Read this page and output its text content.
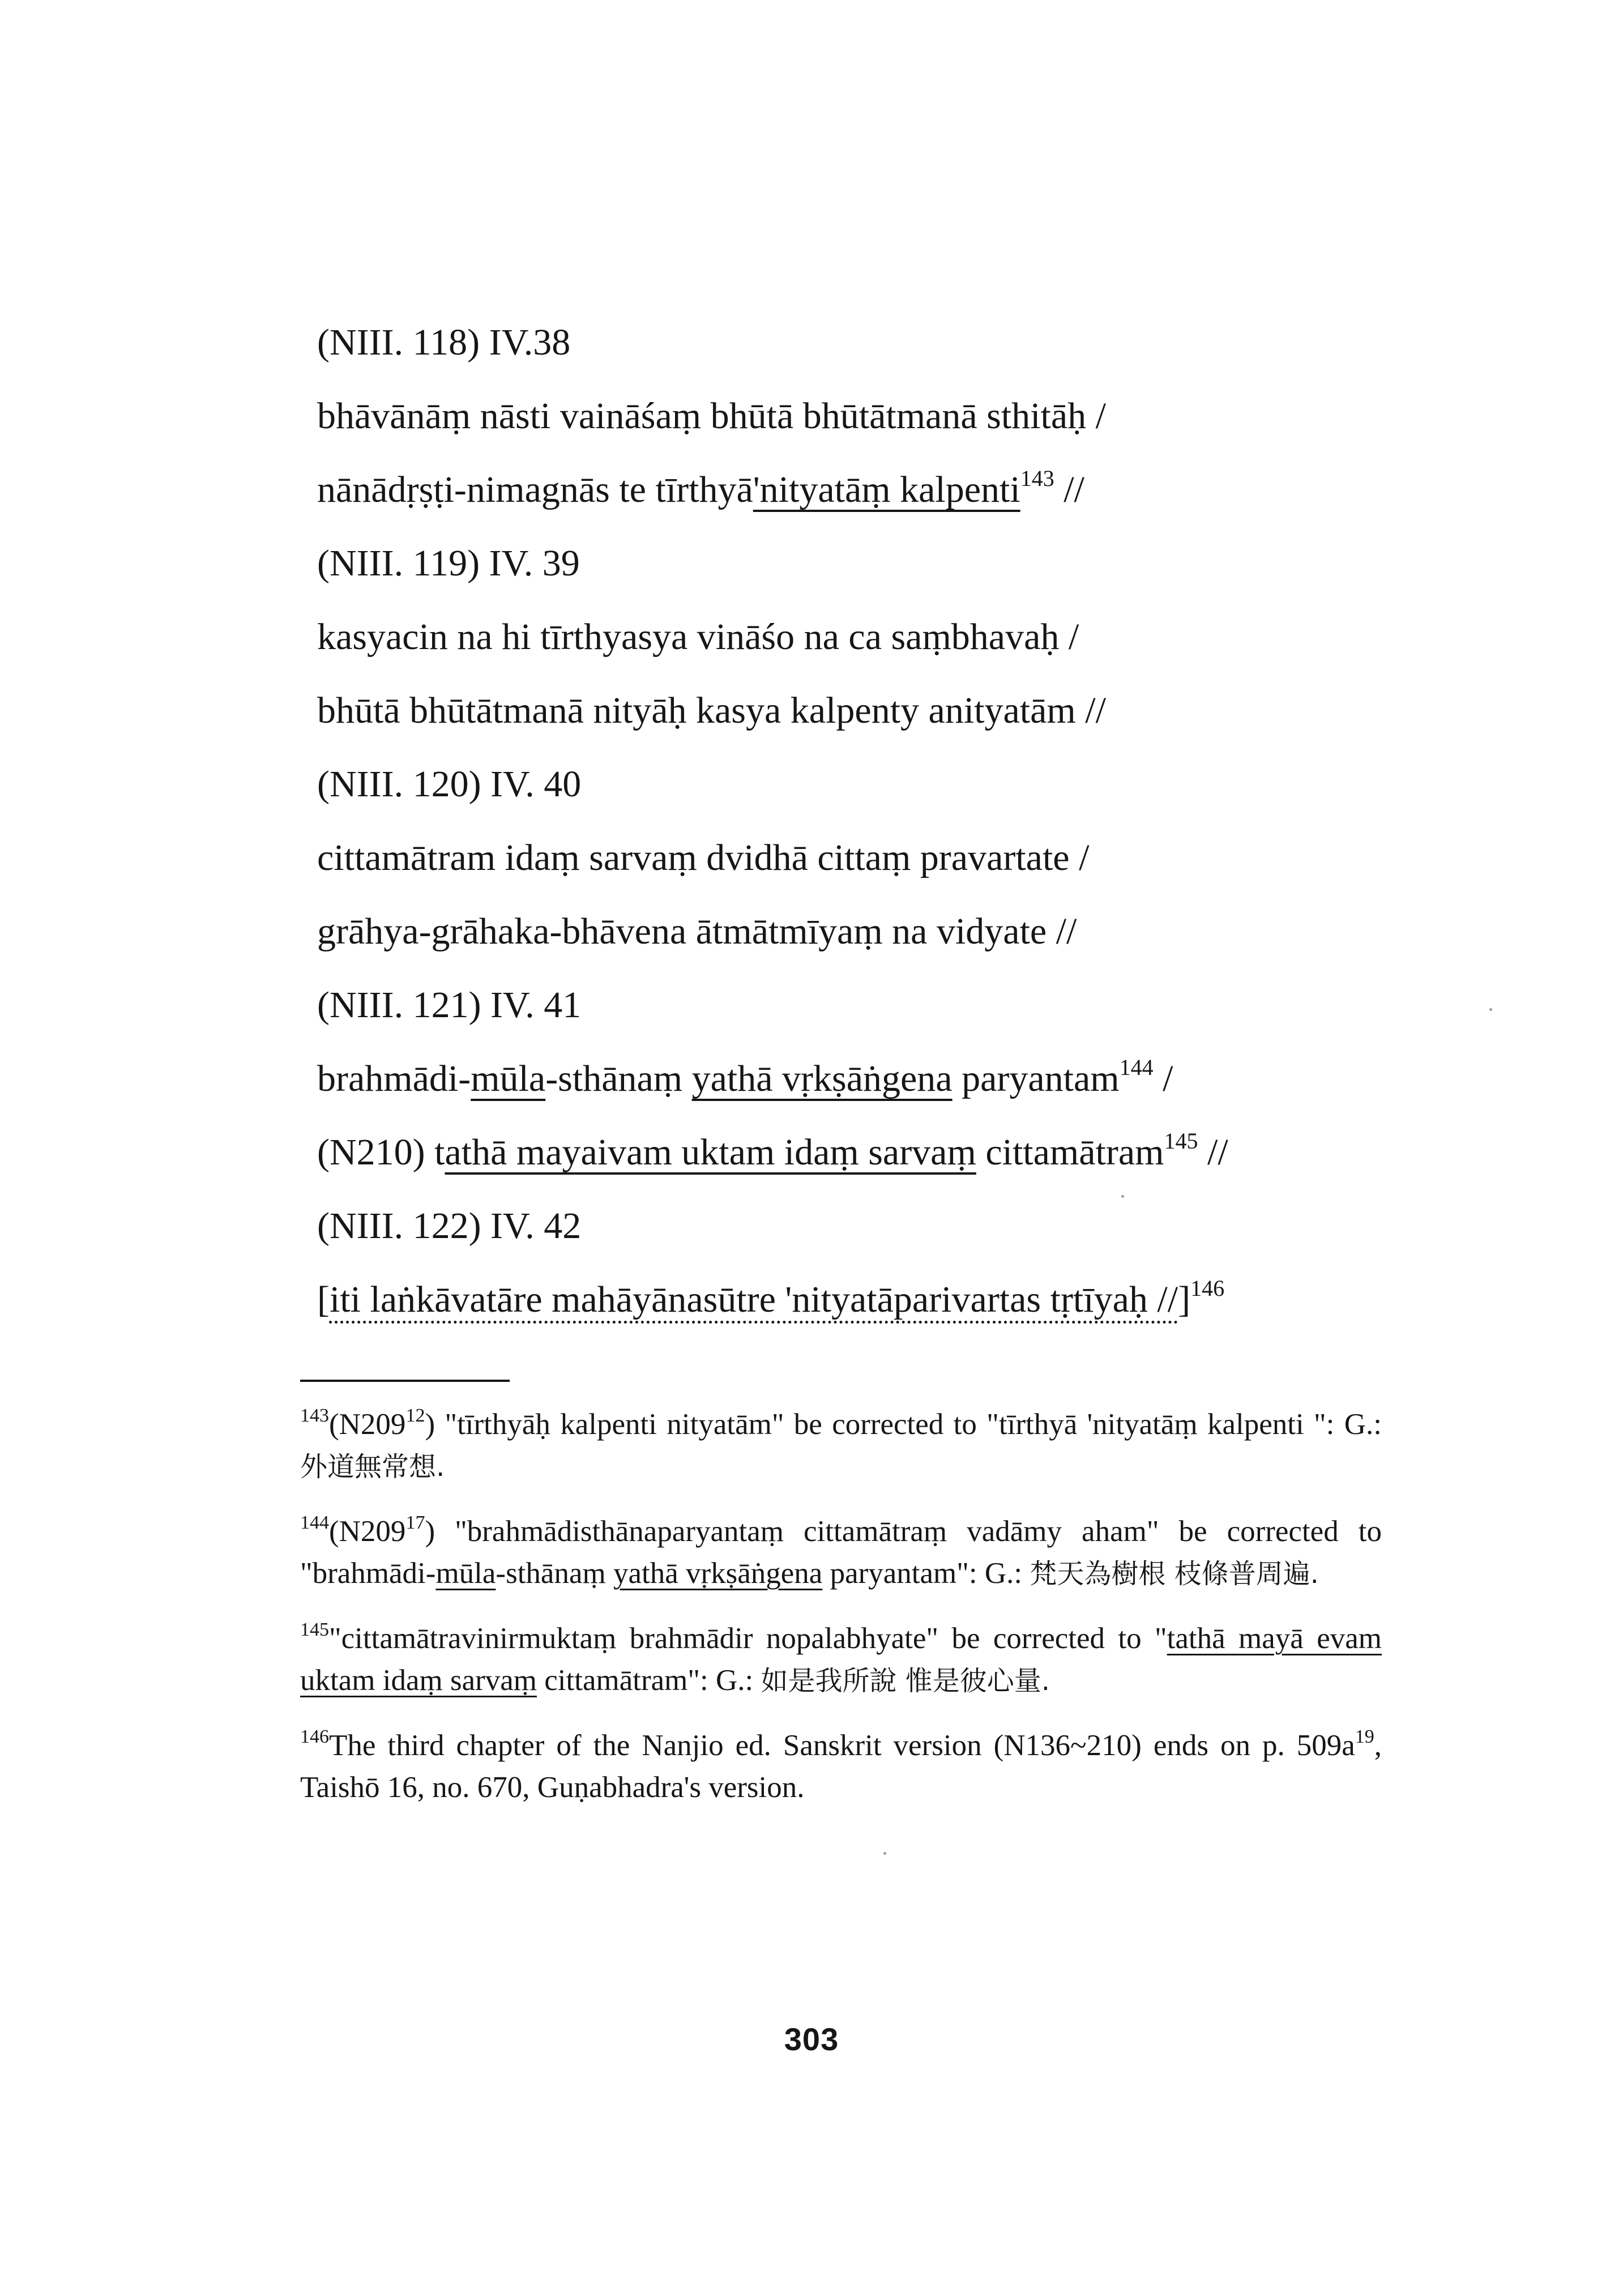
(NIII. 118) IV.38
bhāvānāṃ nāsti vaināśaṃ bhūtā bhūtātmanā sthitāḥ /
nānādṛṣṭi-nimagnās te tīrthyā'nityatāṃ kalpenti$^{143}$ //
(NIII. 119) IV. 39
kasyacin na hi tīrthyasya vināśo na ca saṃbhavaḥ /
bhūtā bhūtātmanā nityāḥ kasya kalpenty anityatām //
(NIII. 120) IV. 40
cittamātram idaṃ sarvaṃ dvidhā cittaṃ pravartate /
grāhya-grāhaka-bhāvena ātmātmīyaṃ na vidyate //
(NIII. 121) IV. 41
brahmādi-mūla-sthānaṃ yathā vṛkṣāṅgena paryantam$^{144}$ /
(N210) tathā mayaivam uktam idaṃ sarvaṃ cittamātram$^{145}$ //
(NIII. 122) IV. 42
[iti laṅkāvatāre mahāyānasūtre 'nityatāparivartas tṛtīyaḥ //]$^{146}$
$^{143}(N209^{12})$ "tīrthyāḥ kalpenti nityatām" be corrected to "tīrthyā 'nityatāṃ kalpenti ": G.: 外道無常想.
$^{144}(N209^{17})$ "brahmādisthānaparyantaṃ cittamātraṃ vadāmy aham" be corrected to "brahmādi-mūla-sthānaṃ yathā vṛkṣāṅgena paryantam": G.: 梵天為樹根 枝條普周遍.
$^{145}$"cittamātravinirmuktaṃ brahmādir nopalabhyate" be corrected to "tathā mayā evam uktam idaṃ sarvaṃ cittamātram": G.: 如是我所說 惟是彼心量.
$^{146}$The third chapter of the Nanjio ed. Sanskrit version (N136~210) ends on p. $509a^{19}$, Taishō 16, no. 670, Guṇabhadra's version.
303
